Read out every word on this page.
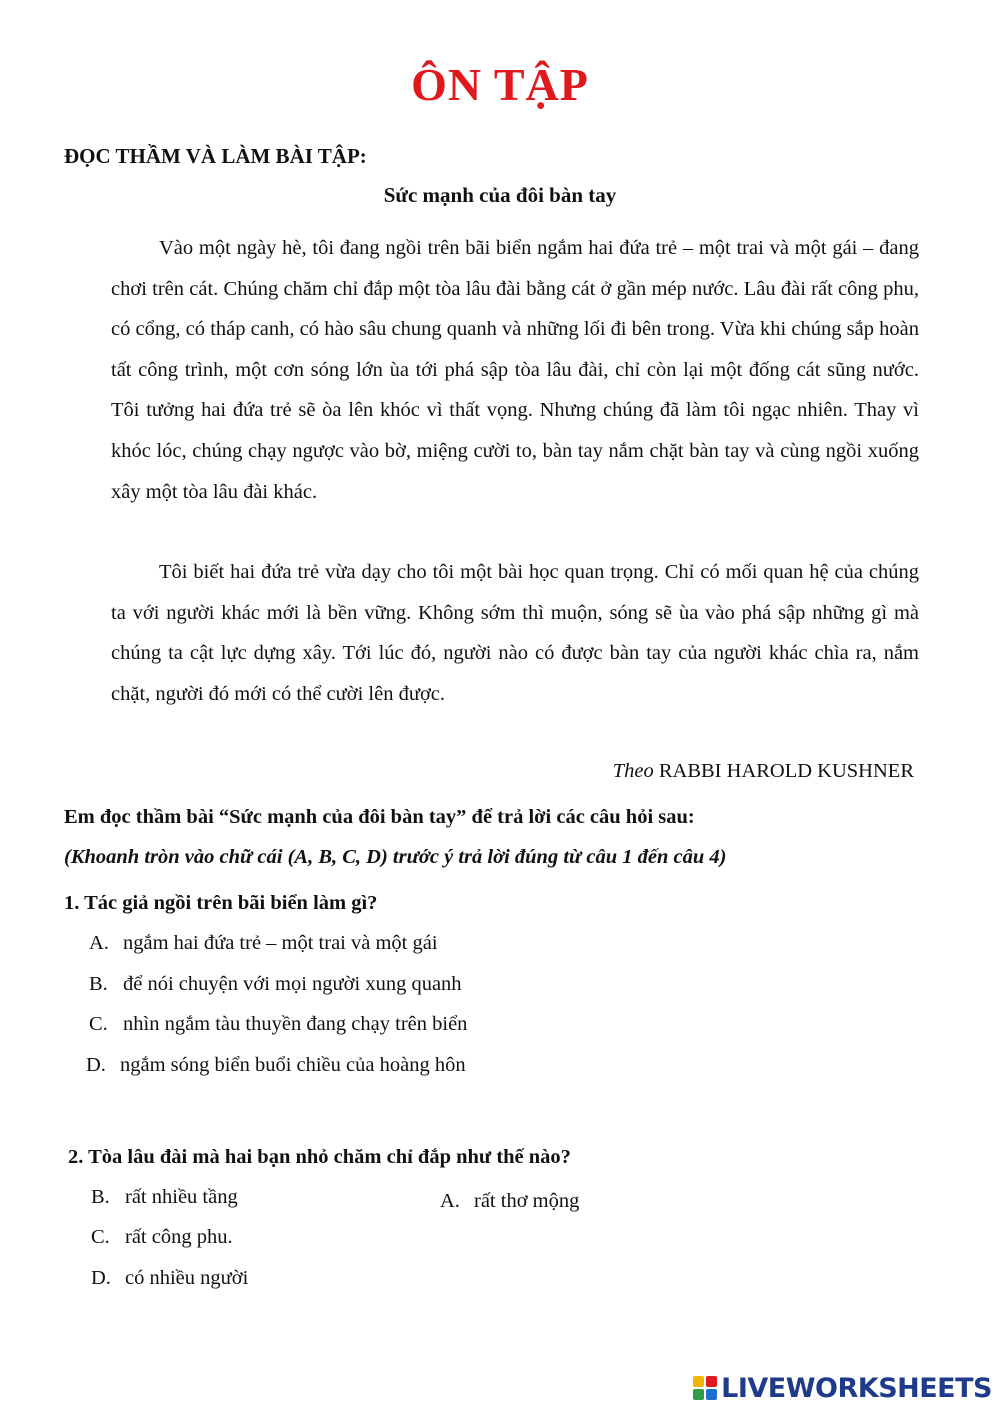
ÔN TẬP
ĐỌC THẦM VÀ LÀM BÀI TẬP:
Sức mạnh của đôi bàn tay

Vào một ngày hè, tôi đang ngồi trên bãi biển ngắm hai đứa trẻ – một trai và một gái – đang chơi trên cát. Chúng chăm chỉ đắp một tòa lâu đài bằng cát ở gần mép nước. Lâu đài rất công phu, có cổng, có tháp canh, có hào sâu chung quanh và những lối đi bên trong. Vừa khi chúng sắp hoàn tất công trình, một cơn sóng lớn ùa tới phá sập tòa lâu đài, chỉ còn lại một đống cát sũng nước. Tôi tưởng hai đứa trẻ sẽ òa lên khóc vì thất vọng. Nhưng chúng đã làm tôi ngạc nhiên. Thay vì khóc lóc, chúng chạy ngược vào bờ, miệng cười to, bàn tay nắm chặt bàn tay và cùng ngồi xuống xây một tòa lâu đài khác.

Tôi biết hai đứa trẻ vừa dạy cho tôi một bài học quan trọng. Chỉ có mối quan hệ của chúng ta với người khác mới là bền vững. Không sớm thì muộn, sóng sẽ ùa vào phá sập những gì mà chúng ta cật lực dựng xây. Tới lúc đó, người nào có được bàn tay của người khác chìa ra, nắm chặt, người đó mới có thể cười lên được.

Theo RABBI HAROLD KUSHNER
Em đọc thầm bài “Sức mạnh của đôi bàn tay” để trả lời các câu hỏi sau:
(Khoanh tròn vào chữ cái (A, B, C, D) trước ý trả lời đúng từ câu 1 đến câu 4)
1. Tác giả ngồi trên bãi biển làm gì?
A. ngắm hai đứa trẻ – một trai và một gái
B. để nói chuyện với mọi người xung quanh
C. nhìn ngắm tàu thuyền đang chạy trên biển
D. ngắm sóng biển buổi chiều của hoàng hôn
2. Tòa lâu đài mà hai bạn nhỏ chăm chỉ đắp như thế nào?
B. rất nhiều tầng	A. rất thơ mộng
C. rất công phu.
D. có nhiều người
LIVEWORKSHEETS
